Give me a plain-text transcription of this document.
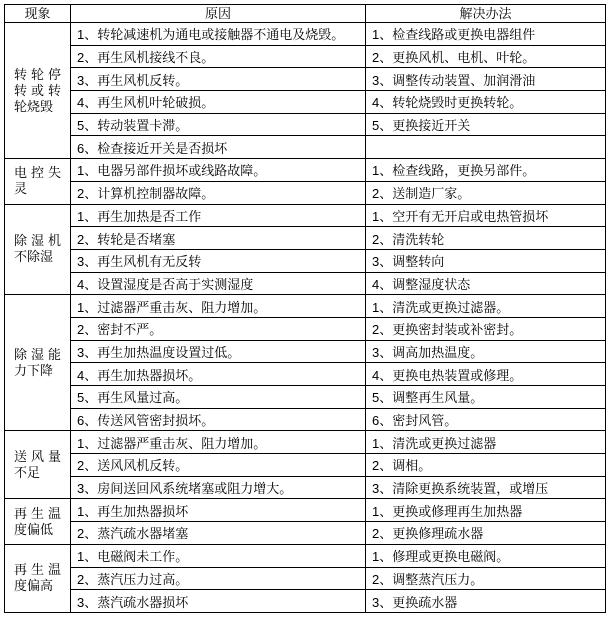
现象	原因	解决办法
转轮停转或转轮烧毁	1、转轮减速机为通电或接触器不通电及烧毁。	1、检查线路或更换电器组件
	2、再生风机接线不良。	2、更换风机、电机、叶轮。
	3、再生风机反转。	3、调整传动装置、加润滑油
	4、再生风机叶轮破损。	4、转轮烧毁时更换转轮。
	5、转动装置卡滞。	5、更换接近开关
	6、检查接近开关是否损坏	
电控失灵	1、电器另部件损坏或线路故障。	1、检查线路，更换另部件。
	2、计算机控制器故障。	2、送制造厂家。
除湿机不除湿	1、再生加热是否工作	1、空开有无开启或电热管损坏
	2、转轮是否堵塞	2、清洗转轮
	3、再生风机有无反转	3、调整转向
	4、设置湿度是否高于实测湿度	4、调整湿度状态
除湿能力下降	1、过滤器严重击灰、阻力增加。	1、清洗或更换过滤器。
	2、密封不严。	2、更换密封装或补密封。
	3、再生加热温度设置过低。	3、调高加热温度。
	4、再生加热器损坏。	4、更换电热装置或修理。
	5、再生风量过高。	5、调整再生风量。
	6、传送风管密封损坏。	6、密封风管。
送风量不足	1、过滤器严重击灰、阻力增加。	1、清洗或更换过滤器
	2、送风风机反转。	2、调相。
	3、房间送回风系统堵塞或阻力增大。	3、清除更换系统装置，或增压
再生温度偏低	1、再生加热器损坏	1、更换或修理再生加热器
	2、蒸汽疏水器堵塞	2、更换修理疏水器
再生温度偏高	1、电磁阀未工作。	1、修理或更换电磁阀。
	2、蒸汽压力过高。	2、调整蒸汽压力。
	3、蒸汽疏水器损坏	3、更换疏水器
